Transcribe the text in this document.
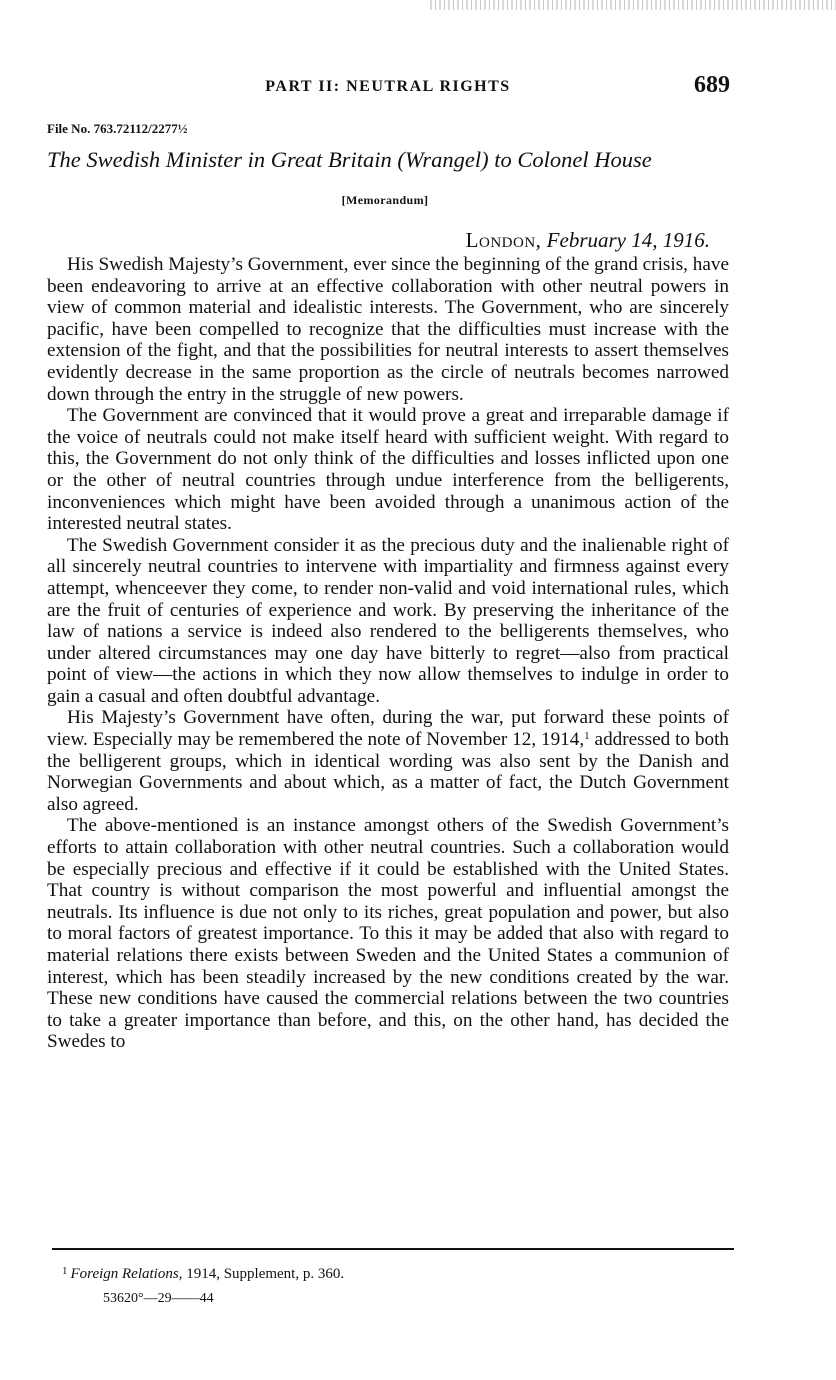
PART II: NEUTRAL RIGHTS	689
File No. 763.72112/2277½
The Swedish Minister in Great Britain (Wrangel) to Colonel House
[Memorandum]
London, February 14, 1916.

His Swedish Majesty’s Government, ever since the beginning of the grand crisis, have been endeavoring to arrive at an effective collaboration with other neutral powers in view of common material and idealistic interests. The Government, who are sincerely pacific, have been compelled to recognize that the difficulties must increase with the extension of the fight, and that the possibilities for neutral interests to assert themselves evidently decrease in the same proportion as the circle of neutrals becomes narrowed down through the entry in the struggle of new powers.

The Government are convinced that it would prove a great and irreparable damage if the voice of neutrals could not make itself heard with sufficient weight. With regard to this, the Government do not only think of the difficulties and losses inflicted upon one or the other of neutral countries through undue interference from the belligerents, inconveniences which might have been avoided through a unanimous action of the interested neutral states.

The Swedish Government consider it as the precious duty and the inalienable right of all sincerely neutral countries to intervene with impartiality and firmness against every attempt, whenceever they come, to render non-valid and void international rules, which are the fruit of centuries of experience and work. By preserving the inheritance of the law of nations a service is indeed also rendered to the belligerents themselves, who under altered circumstances may one day have bitterly to regret—also from practical point of view—the actions in which they now allow themselves to indulge in order to gain a casual and often doubtful advantage.

His Majesty’s Government have often, during the war, put forward these points of view. Especially may be remembered the note of November 12, 1914,$^1$ addressed to both the belligerent groups, which in identical wording was also sent by the Danish and Norwegian Governments and about which, as a matter of fact, the Dutch Government also agreed.

The above-mentioned is an instance amongst others of the Swedish Government’s efforts to attain collaboration with other neutral countries. Such a collaboration would be especially precious and effective if it could be established with the United States. That country is without comparison the most powerful and influential amongst the neutrals. Its influence is due not only to its riches, great population and power, but also to moral factors of greatest importance. To this it may be added that also with regard to material relations there exists between Sweden and the United States a communion of interest, which has been steadily increased by the new conditions created by the war. These new conditions have caused the commercial relations between the two countries to take a greater importance than before, and this, on the other hand, has decided the Swedes to

$^1$ Foreign Relations, 1914, Supplement, p. 360.
53620°—29——44
